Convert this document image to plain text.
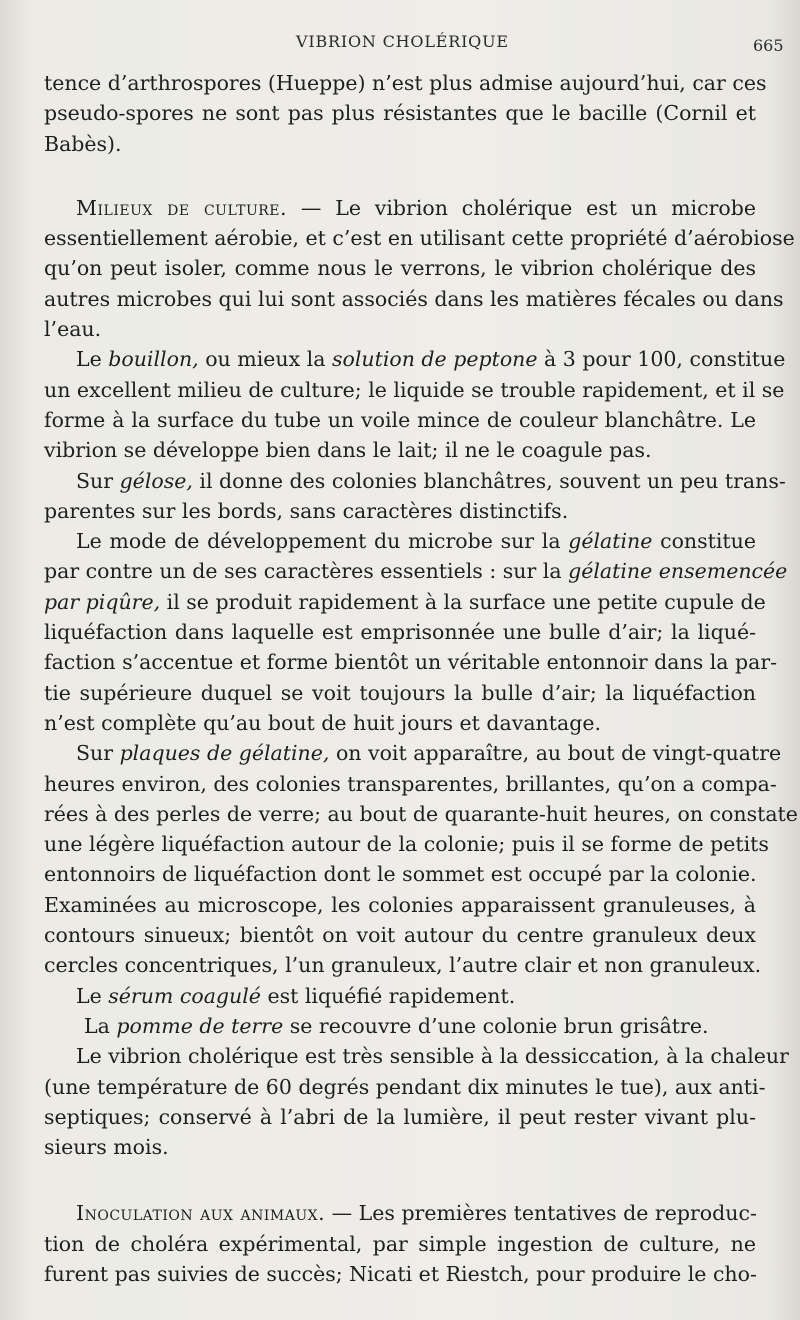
VIBRION CHOLÉRIQUE	665
tence d’arthrospores (Hueppe) n’est plus admise aujourd’hui, car ces
pseudo-spores ne sont pas plus résistantes que le bacille (Cornil et
Babès).
Milieux de culture. — Le vibrion cholérique est un microbe
essentiellement aérobie, et c’est en utilisant cette propriété d’aérobiose
qu’on peut isoler, comme nous le verrons, le vibrion cholérique des
autres microbes qui lui sont associés dans les matières fécales ou dans
l’eau.
Le bouillon, ou mieux la solution de peptone à 3 pour 100, constitue
un excellent milieu de culture; le liquide se trouble rapidement, et il se
forme à la surface du tube un voile mince de couleur blanchâtre. Le
vibrion se développe bien dans le lait; il ne le coagule pas.
Sur gélose, il donne des colonies blanchâtres, souvent un peu trans-
parentes sur les bords, sans caractères distinctifs.
Le mode de développement du microbe sur la gélatine constitue
par contre un de ses caractères essentiels : sur la gélatine ensemencée
par piqûre, il se produit rapidement à la surface une petite cupule de
liquéfaction dans laquelle est emprisonnée une bulle d’air; la liqué-
faction s’accentue et forme bientôt un véritable entonnoir dans la par-
tie supérieure duquel se voit toujours la bulle d’air; la liquéfaction
n’est complète qu’au bout de huit jours et davantage.
Sur plaques de gélatine, on voit apparaître, au bout de vingt-quatre
heures environ, des colonies transparentes, brillantes, qu’on a compa-
rées à des perles de verre; au bout de quarante-huit heures, on constate
une légère liquéfaction autour de la colonie; puis il se forme de petits
entonnoirs de liquéfaction dont le sommet est occupé par la colonie.
Examinées au microscope, les colonies apparaissent granuleuses, à
contours sinueux; bientôt on voit autour du centre granuleux deux
cercles concentriques, l’un granuleux, l’autre clair et non granuleux.
Le sérum coagulé est liquéfié rapidement.
La pomme de terre se recouvre d’une colonie brun grisâtre.
Le vibrion cholérique est très sensible à la dessiccation, à la chaleur
(une température de 60 degrés pendant dix minutes le tue), aux anti-
septiques; conservé à l’abri de la lumière, il peut rester vivant plu-
sieurs mois.
Inoculation aux animaux. — Les premières tentatives de reproduc-
tion de choléra expérimental, par simple ingestion de culture, ne
furent pas suivies de succès; Nicati et Riestch, pour produire le cho-
